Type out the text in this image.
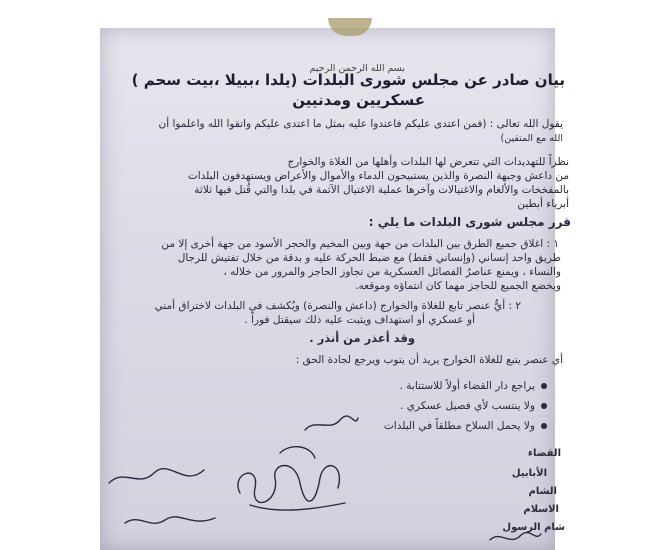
بسم الله الرحمن الرحيم
بيان صادر عن مجلس شورى البلدات (يلدا ،ببيلا ،بيت سحم )
عسكريين ومدنيين
يقول الله تعالى : (فمن اعتدى عليكم فاعتدوا عليه بمثل ما اعتدى عليكم واتقوا الله واعلموا أن
الله مع المتقين)
نظراً للتهديدات التي تتعرض لها البلدات وأهلها من الغلاة والخوارج
من داعش وجبهة النصرة والذين يستبيحون الدماء والأموال والأعراض ويستهدفون البلدات
بالمفخخات والألغام والاغتيالات وآخرها عملية الاغتيال الآثمة في يلدا والتي قُتل فيها ثلاثة
أبرياء أبطين
قرر مجلس شورى البلدات ما يلي :
١ : اغلاق جميع الطرق بين البلدات من جهة وبين المخيم والحجر الأسود من جهة أخرى إلا من
طريق واحد إنساني (وإنساني فقط) مع ضبط الحركة عليه و بدقة من خلال تفتيش للرجال
والنساء ، ويمنع عناصرُ الفصائل العسكرية من تجاوز الحاجز والمرور من خلاله ،
ويخضع الجميع للحاجز مهما كان انتماؤه وموقعه.
٢ : أيُّ عنصر تابع للغلاة والخوارج (داعش والنصرة) ويُكشف في البلدات لاختراق أمني
أو عسكري أو استهداف ويثبت عليه ذلك سيقتل فوراً .
وقد أعذر من أنذر .
أي عنصر يتبع للغلاة الخوارج يريد أن يتوب ويرجع لجادة الحق :
يراجع دار القضاء أولاً للاستتابة .
ولا ينتسب لأي فصيل عسكري .
ولا يحمل السلاح مطلقاً في البلدات
القضاء
الأبابيل
الشام
الاسلام
شام الرسول
